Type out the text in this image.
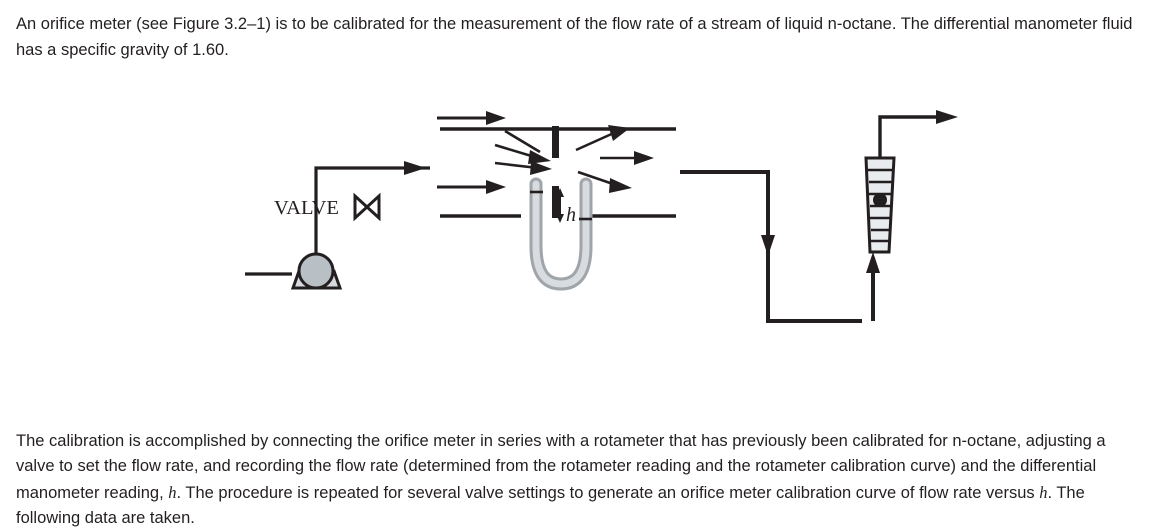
An orifice meter (see Figure 3.2–1) is to be calibrated for the measurement of the flow rate of a stream of liquid n-octane. The differential manometer fluid has a specific gravity of 1.60.

VALVE	h

The calibration is accomplished by connecting the orifice meter in series with a rotameter that has previously been calibrated for n-octane, adjusting a valve to set the flow rate, and recording the flow rate (determined from the rotameter reading and the rotameter calibration curve) and the differential manometer reading, h. The procedure is repeated for several valve settings to generate an orifice meter calibration curve of flow rate versus h. The following data are taken.
